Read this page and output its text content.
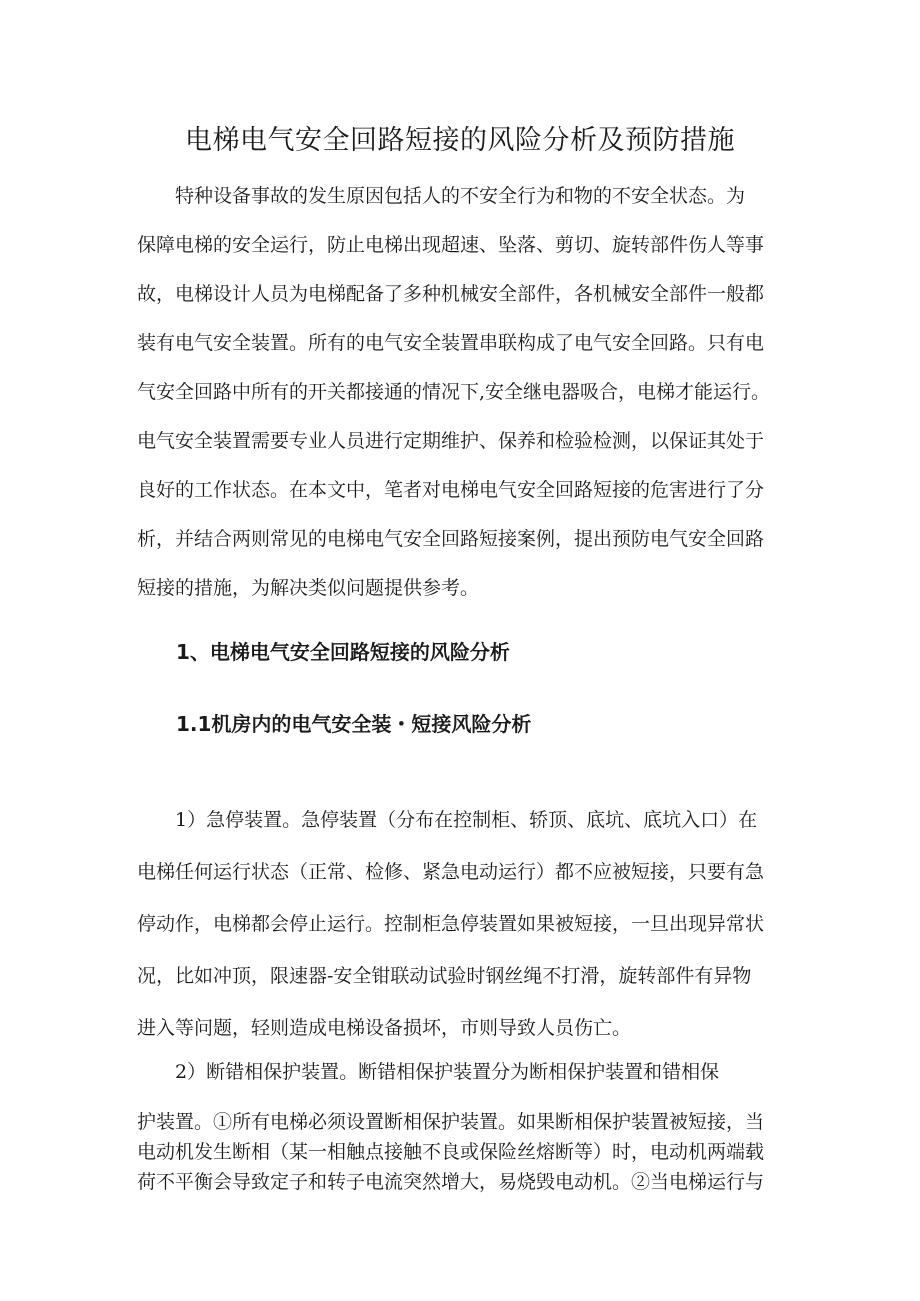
电梯电气安全回路短接的风险分析及预防措施
特种设备事故的发生原因包括人的不安全行为和物的不安全状态。为
保障电梯的安全运行，防止电梯出现超速、坠落、剪切、旋转部件伤人等事
故，电梯设计人员为电梯配备了多种机械安全部件，各机械安全部件一般都
装有电气安全装置。所有的电气安全装置串联构成了电气安全回路。只有电
气安全回路中所有的开关都接通的情况下,安全继电器吸合，电梯才能运行。
电气安全装置需要专业人员进行定期维护、保养和检验检测，以保证其处于
良好的工作状态。在本文中，笔者对电梯电气安全回路短接的危害进行了分
析，并结合两则常见的电梯电气安全回路短接案例，提出预防电气安全回路
短接的措施，为解决类似问题提供参考。
1、电梯电气安全回路短接的风险分析
1.1机房内的电气安全装・短接风险分析
1）急停装置。急停装置（分布在控制柜、轿顶、底坑、底坑入口）在
电梯任何运行状态（正常、检修、紧急电动运行）都不应被短接，只要有急
停动作，电梯都会停止运行。控制柜急停装置如果被短接，一旦出现异常状
况，比如冲顶，限速器-安全钳联动试验时钢丝绳不打滑，旋转部件有异物
进入等问题，轻则造成电梯设备损坏，市则导致人员伤亡。
2）断错相保护装置。断错相保护装置分为断相保护装置和错相保
护装置。①所有电梯必须设置断相保护装置。如果断相保护装置被短接，当
电动机发生断相（某一相触点接触不良或保险丝熔断等）时，电动机两端载
荷不平衡会导致定子和转子电流突然增大，易烧毁电动机。②当电梯运行与
